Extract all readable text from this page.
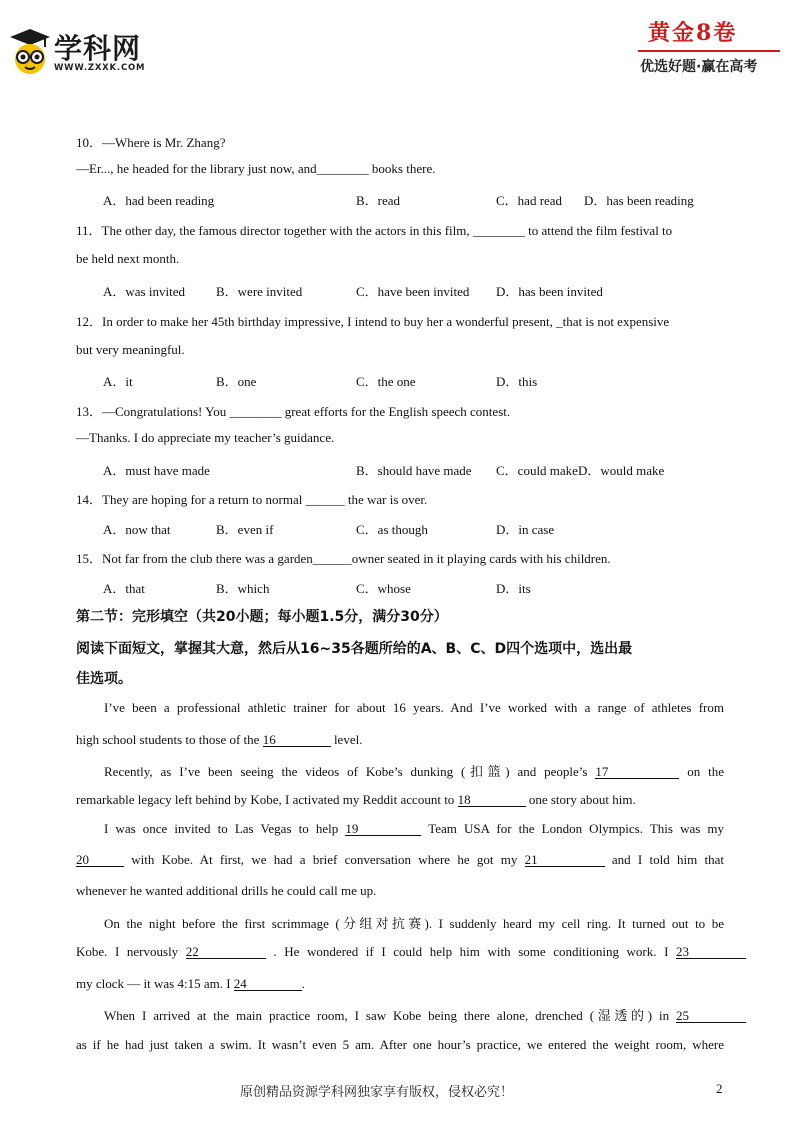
学科网
WWW.ZXXK.COM
黄金8卷
优选好题·赢在高考
10．—Where is Mr. Zhang?
—Er..., he headed for the library just now, and________ books there.
A．had been reading	B．read	C．had read D．has been reading
11．The other day, the famous director together with the actors in this film, ________ to attend the film festival to
be held next month.
A．was invited B．were invited	C．have been invited D．has been invited
12．In order to make her 45th birthday impressive, I intend to buy her a wonderful present, _that is not expensive
but very meaningful.
A．it	B．one	C．the one	D．this
13．—Congratulations! You ________ great efforts for the English speech contest.
—Thanks. I do appreciate my teacher’s guidance.
A．must have made	B．should have made C．could makeD．would make
14．They are hoping for a return to normal ______ the war is over.
A．now that	B．even if	C．as though	D．in case
15．Not far from the club there was a garden______owner seated in it playing cards with his children.
A．that	B．which	C．whose	D．its
第二节：完形填空（共20小题；每小题1.5分，满分30分）
阅读下面短文，掌握其大意，然后从16~35各题所给的A、B、C、D四个选项中，选出最
佳选项。
I’ve been a professional athletic trainer for about 16 years. And I’ve worked with a range of athletes from
high school students to those of the 16	level.
Recently, as I’ve been seeing the videos of Kobe’s dunking (扣篮) and people’s 17	on the
remarkable legacy left behind by Kobe, I activated my Reddit account to 18	one story about him.
I was once invited to Las Vegas to help 19	Team USA for the London Olympics. This was my
20	with Kobe. At first, we had a brief conversation where he got my 21	and I told him that
whenever he wanted additional drills he could call me up.
On the night before the first scrimmage (分组对抗赛). I suddenly heard my cell ring. It turned out to be
Kobe. I nervously 22	. He wondered if I could help him with some conditioning work. I 23
my clock — it was 4:15 am. I 24	.
When I arrived at the main practice room, I saw Kobe being there alone, drenched (湿透的) in 25
as if he had just taken a swim. It wasn’t even 5 am. After one hour’s practice, we entered the weight room, where
原创精品资源学科网独家享有版权，侵权必究！	2
